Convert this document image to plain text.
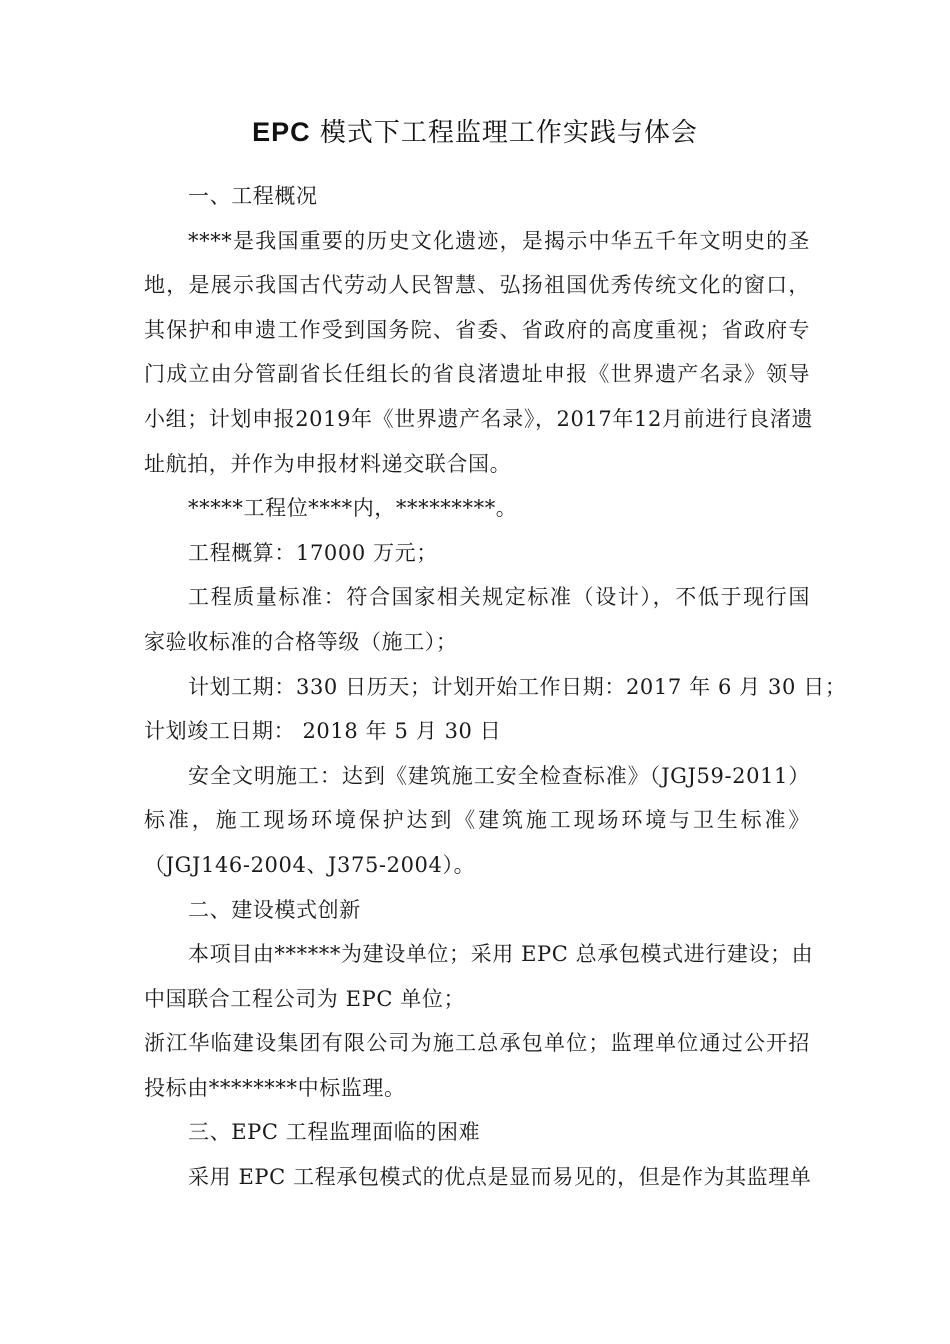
EPC 模式下工程监理工作实践与体会
一、工程概况
****是我国重要的历史文化遗迹，是揭示中华五千年文明史的圣
地，是展示我国古代劳动人民智慧、弘扬祖国优秀传统文化的窗口，
其保护和申遗工作受到国务院、省委、省政府的高度重视；省政府专
门成立由分管副省长任组长的省良渚遗址申报《世界遗产名录》领导
小组；计划申报2019年《世界遗产名录》，2017年12月前进行良渚遗
址航拍，并作为申报材料递交联合国。
*****工程位****内，*********。
工程概算：17000 万元；
工程质量标准：符合国家相关规定标准（设计），不低于现行国
家验收标准的合格等级（施工）；
计划工期：330 日历天；计划开始工作日期：2017 年 6 月 30 日；
计划竣工日期： 2018 年 5 月 30 日
安全文明施工：达到《建筑施工安全检查标准》（JGJ59-2011）
标准，施工现场环境保护达到《建筑施工现场环境与卫生标准》
（JGJ146-2004、J375-2004）。
二、建设模式创新
本项目由******为建设单位；采用 EPC 总承包模式进行建设；由
中国联合工程公司为 EPC 单位；
浙江华临建设集团有限公司为施工总承包单位；监理单位通过公开招
投标由********中标监理。
三、EPC 工程监理面临的困难
采用 EPC 工程承包模式的优点是显而易见的，但是作为其监理单
